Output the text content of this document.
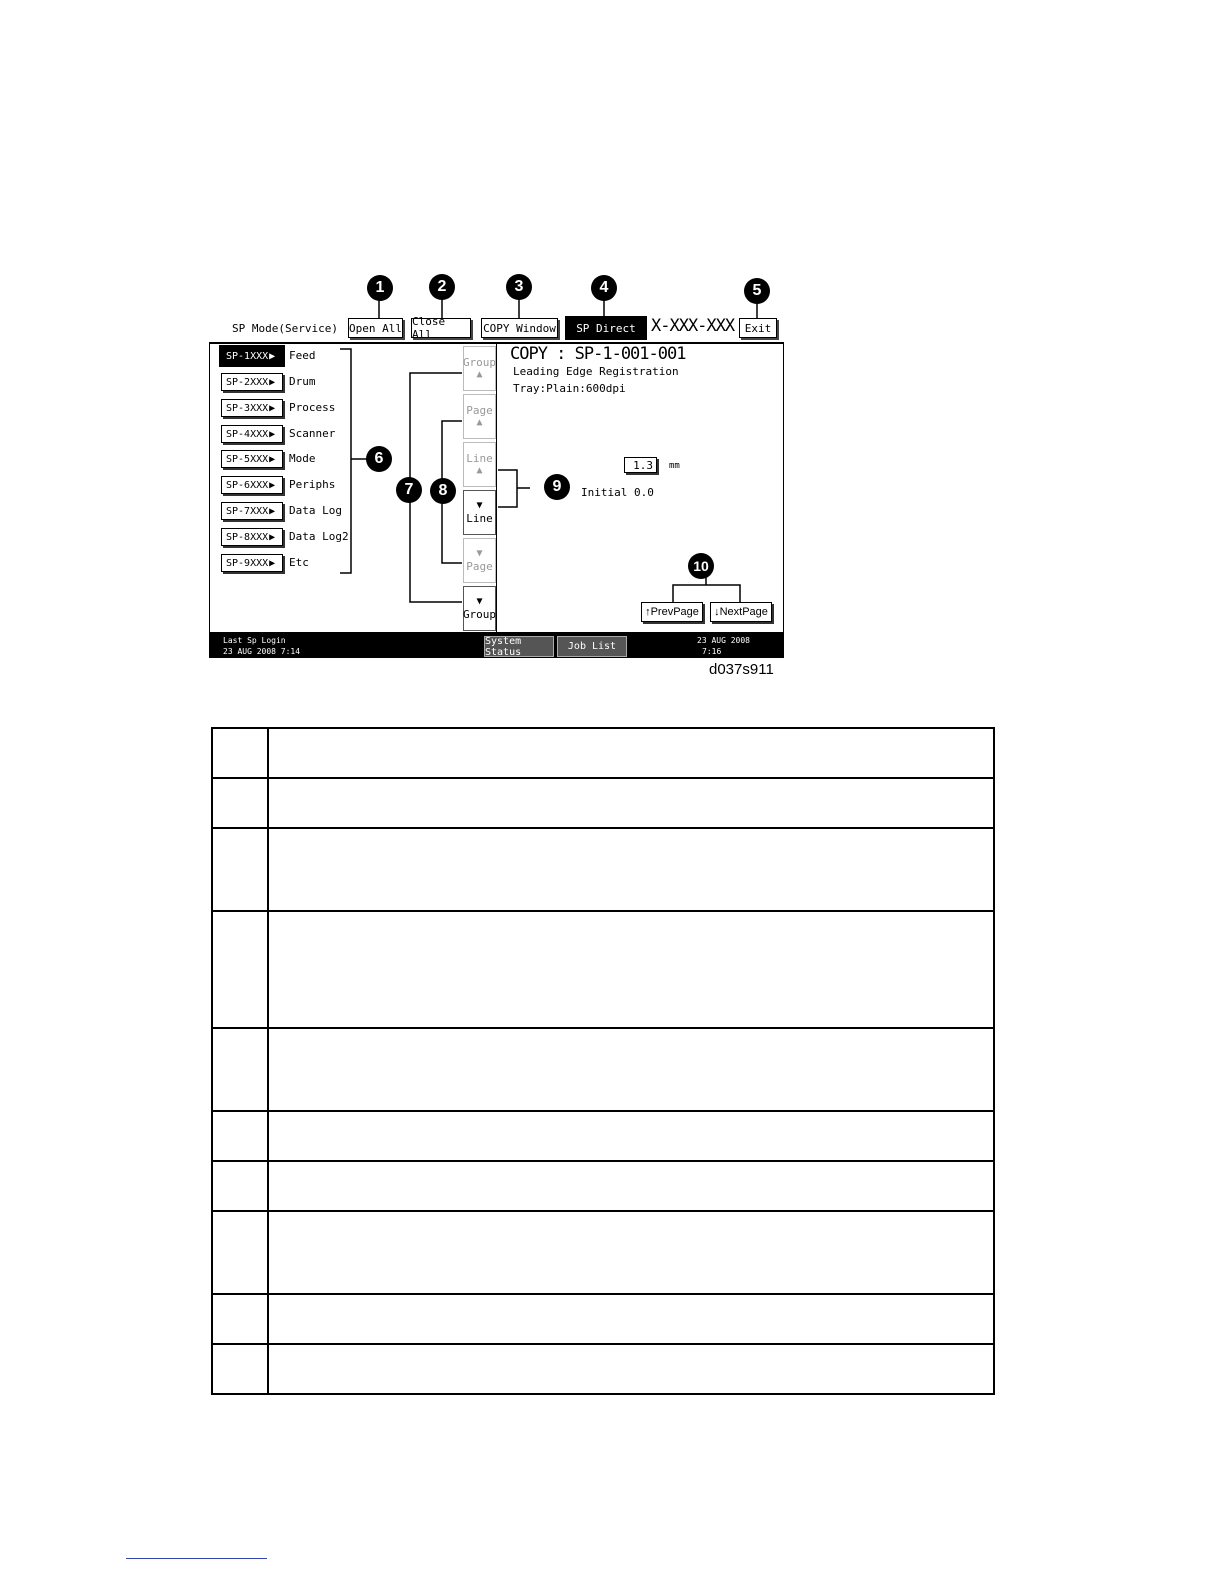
SP Mode(Service) Open All Close All	COPY Window	SP Direct X-XXX-XXX Exit
SP-1XXX ▶ Feed
SP-2XXX ▶ Drum
SP-3XXX ▶ Process
SP-4XXX ▶ Scanner
SP-5XXX ▶ Mode
SP-6XXX ▶ Periphs
SP-7XXX ▶ Data Log
SP-8XXX ▶ Data Log2
SP-9XXX ▶ Etc
Group
▲
Page
▲
Line
▲
▼
Line
▼
Page
▼
Group
COPY : SP-1-001-001
Leading Edge Registration
Tray:Plain:600dpi
1.3	mm
Initial 0.0
↑ PrevPage ↓ NextPage
Last Sp Login
23 AUG 2008 7:14
System Status	Job List
23 AUG 2008
7:16
1	2	3	4	5
6
7	8	9
10
d037s911
